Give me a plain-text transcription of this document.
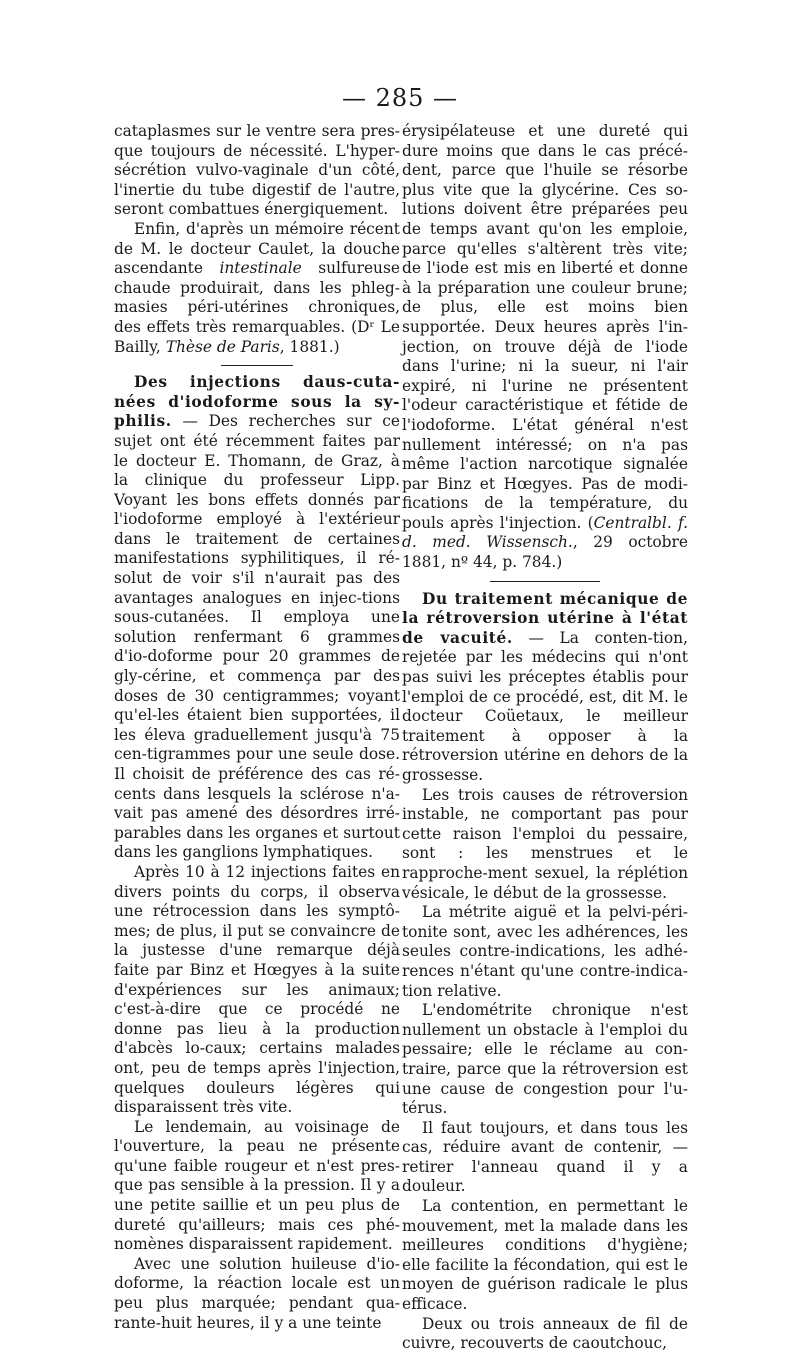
— 285 —

cataplasmes sur le ventre sera pres-que toujours de nécessité. L'hyper-sécrétion vulvo-vaginale d'un côté, l'inertie du tube digestif de l'autre, seront combattues énergiquement.

Enfin, d'après un mémoire récent de M. le docteur Caulet, la douche ascendante intestinale sulfureuse chaude produirait, dans les phleg-masies péri-utérines chroniques, des effets très remarquables. (Dʳ Le Bailly, Thèse de Paris, 1881.)

Des injections daus-cuta-nées d'iodoforme sous la sy-philis. — Des recherches sur ce sujet ont été récemment faites par le docteur E. Thomann, de Graz, à la clinique du professeur Lipp. Voyant les bons effets donnés par l'iodoforme employé à l'extérieur dans le traitement de certaines manifestations syphilitiques, il ré-solut de voir s'il n'aurait pas des avantages analogues en injec-tions sous-cutanées. Il employa une solution renfermant 6 grammes d'io-doforme pour 20 grammes de gly-cérine, et commença par des doses de 30 centigrammes; voyant qu'el-les étaient bien supportées, il les éleva graduellement jusqu'à 75 cen-tigrammes pour une seule dose. Il choisit de préférence des cas ré-cents dans lesquels la sclérose n'a-vait pas amené des désordres irré-parables dans les organes et surtout dans les ganglions lymphatiques.

Après 10 à 12 injections faites en divers points du corps, il observa une rétrocession dans les symptô-mes; de plus, il put se convaincre de la justesse d'une remarque déjà faite par Binz et Hœgyes à la suite d'expériences sur les animaux; c'est-à-dire que ce procédé ne donne pas lieu à la production d'abcès lo-caux; certains malades ont, peu de temps après l'injection, quelques douleurs légères qui disparaissent très vite.

Le lendemain, au voisinage de l'ouverture, la peau ne présente qu'une faible rougeur et n'est pres-que pas sensible à la pression. Il y a une petite saillie et un peu plus de dureté qu'ailleurs; mais ces phé-nomènes disparaissent rapidement.

Avec une solution huileuse d'io-doforme, la réaction locale est un peu plus marquée; pendant qua-rante-huit heures, il y a une teinte

érysipélateuse et une dureté qui dure moins que dans le cas précé-dent, parce que l'huile se résorbe plus vite que la glycérine. Ces so-lutions doivent être préparées peu de temps avant qu'on les emploie, parce qu'elles s'altèrent très vite; de l'iode est mis en liberté et donne à la préparation une couleur brune; de plus, elle est moins bien supportée. Deux heures après l'in-jection, on trouve déjà de l'iode dans l'urine; ni la sueur, ni l'air expiré, ni l'urine ne présentent l'odeur caractéristique et fétide de l'iodoforme. L'état général n'est nullement intéressé; on n'a pas même l'action narcotique signalée par Binz et Hœgyes. Pas de modi-fications de la température, du pouls après l'injection. (Centralbl. f. d. med. Wissensch., 29 octobre 1881, nº 44, p. 784.)

Du traitement mécanique de la rétroversion utérine à l'état de vacuité. — La conten-tion, rejetée par les médecins qui n'ont pas suivi les préceptes établis pour l'emploi de ce procédé, est, dit M. le docteur Coüetaux, le meilleur traitement à opposer à la rétroversion utérine en dehors de la grossesse.

Les trois causes de rétroversion instable, ne comportant pas pour cette raison l'emploi du pessaire, sont : les menstrues et le rapproche-ment sexuel, la réplétion vésicale, le début de la grossesse.

La métrite aiguë et la pelvi-péri-tonite sont, avec les adhérences, les seules contre-indications, les adhé-rences n'étant qu'une contre-indica-tion relative.

L'endométrite chronique n'est nullement un obstacle à l'emploi du pessaire; elle le réclame au con-traire, parce que la rétroversion est une cause de congestion pour l'u-térus.

Il faut toujours, et dans tous les cas, réduire avant de contenir, — retirer l'anneau quand il y a douleur.

La contention, en permettant le mouvement, met la malade dans les meilleures conditions d'hygiène; elle facilite la fécondation, qui est le moyen de guérison radicale le plus efficace.

Deux ou trois anneaux de fil de cuivre, recouverts de caoutchouc,
